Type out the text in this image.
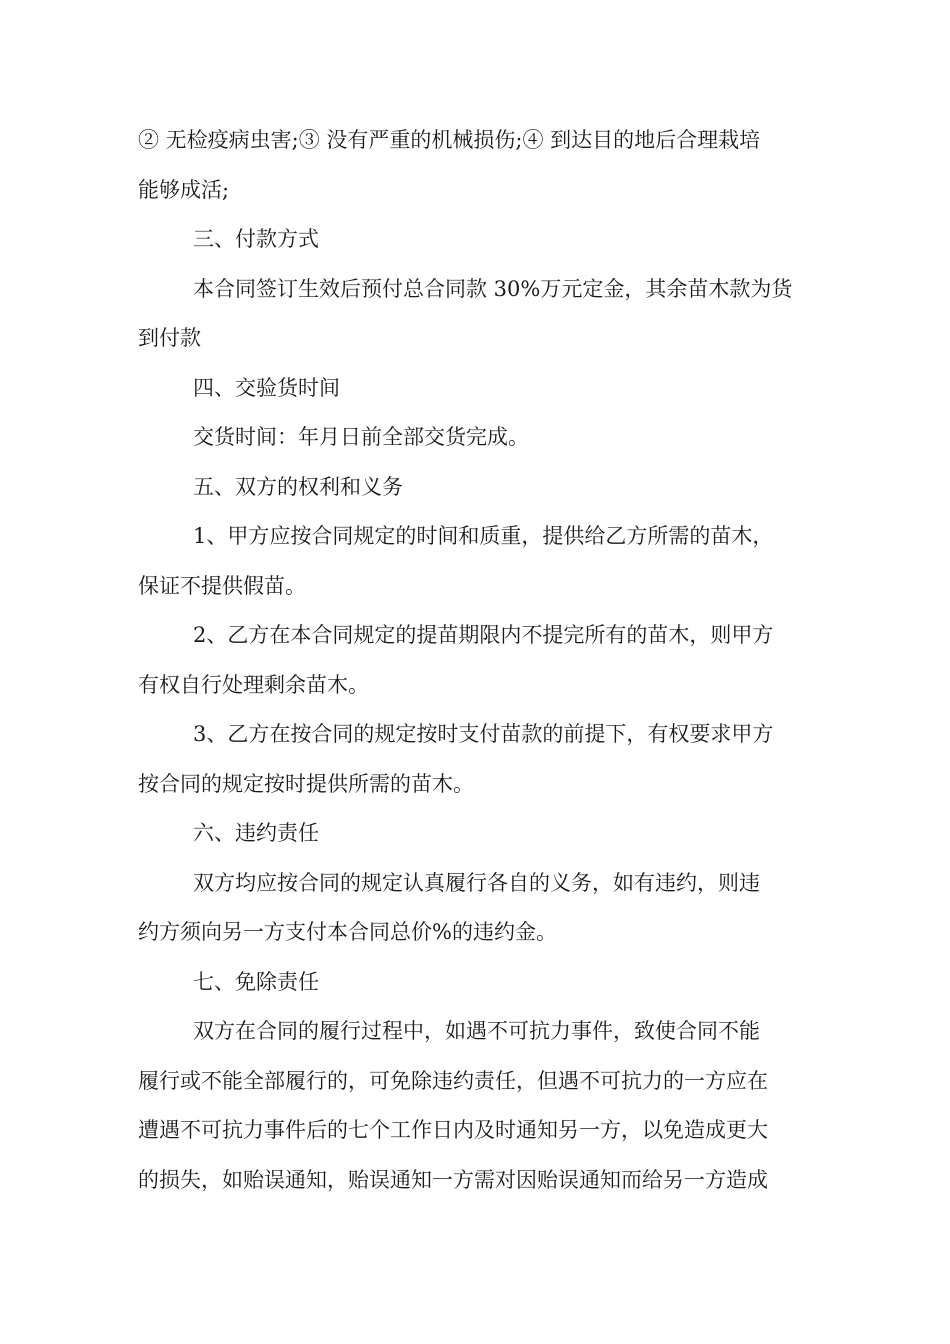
② 无检疫病虫害;③ 没有严重的机械损伤;④ 到达目的地后合理栽培
能够成活;
三、付款方式
本合同签订生效后预付总合同款 30%万元定金，其余苗木款为货
到付款
四、交验货时间
交货时间：年月日前全部交货完成。
五、双方的权利和义务
1、甲方应按合同规定的时间和质重，提供给乙方所需的苗木，
保证不提供假苗。
2、乙方在本合同规定的提苗期限内不提完所有的苗木，则甲方
有权自行处理剩余苗木。
3、乙方在按合同的规定按时支付苗款的前提下，有权要求甲方
按合同的规定按时提供所需的苗木。
六、违约责任
双方均应按合同的规定认真履行各自的义务，如有违约，则违
约方须向另一方支付本合同总价%的违约金。
七、免除责任
双方在合同的履行过程中，如遇不可抗力事件，致使合同不能
履行或不能全部履行的，可免除违约责任，但遇不可抗力的一方应在
遭遇不可抗力事件后的七个工作日内及时通知另一方，以免造成更大
的损失，如贻误通知，贻误通知一方需对因贻误通知而给另一方造成
